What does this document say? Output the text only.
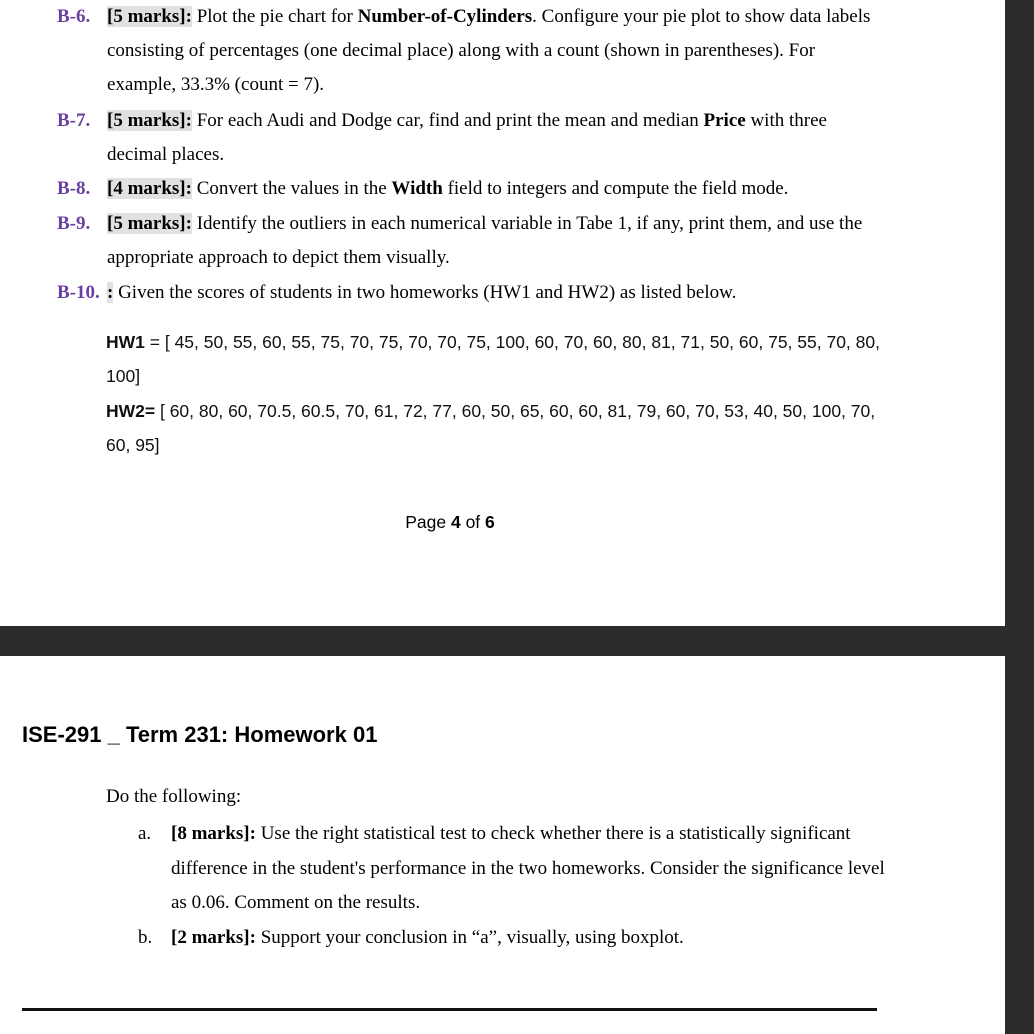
B-6. [5 marks]: Plot the pie chart for Number-of-Cylinders. Configure your pie plot to show data labels consisting of percentages (one decimal place) along with a count (shown in parentheses). For example, 33.3% (count = 7).
B-7. [5 marks]: For each Audi and Dodge car, find and print the mean and median Price with three decimal places.
B-8. [4 marks]: Convert the values in the Width field to integers and compute the field mode.
B-9. [5 marks]: Identify the outliers in each numerical variable in Tabe 1, if any, print them, and use the appropriate approach to depict them visually.
B-10. : Given the scores of students in two homeworks (HW1 and HW2) as listed below.
HW1 = [ 45, 50, 55, 60, 55, 75, 70, 75, 70, 70, 75, 100, 60, 70, 60, 80, 81, 71, 50, 60, 75, 55, 70, 80, 100]
HW2= [ 60, 80, 60, 70.5, 60.5, 70, 61, 72, 77, 60, 50, 65, 60, 60, 81, 79, 60, 70, 53, 40, 50, 100, 70, 60, 95]
Page 4 of 6
ISE-291 _ Term 231: Homework 01
Do the following:
a. [8 marks]: Use the right statistical test to check whether there is a statistically significant difference in the student's performance in the two homeworks. Consider the significance level as 0.06. Comment on the results.
b. [2 marks]: Support your conclusion in “a”, visually, using boxplot.
